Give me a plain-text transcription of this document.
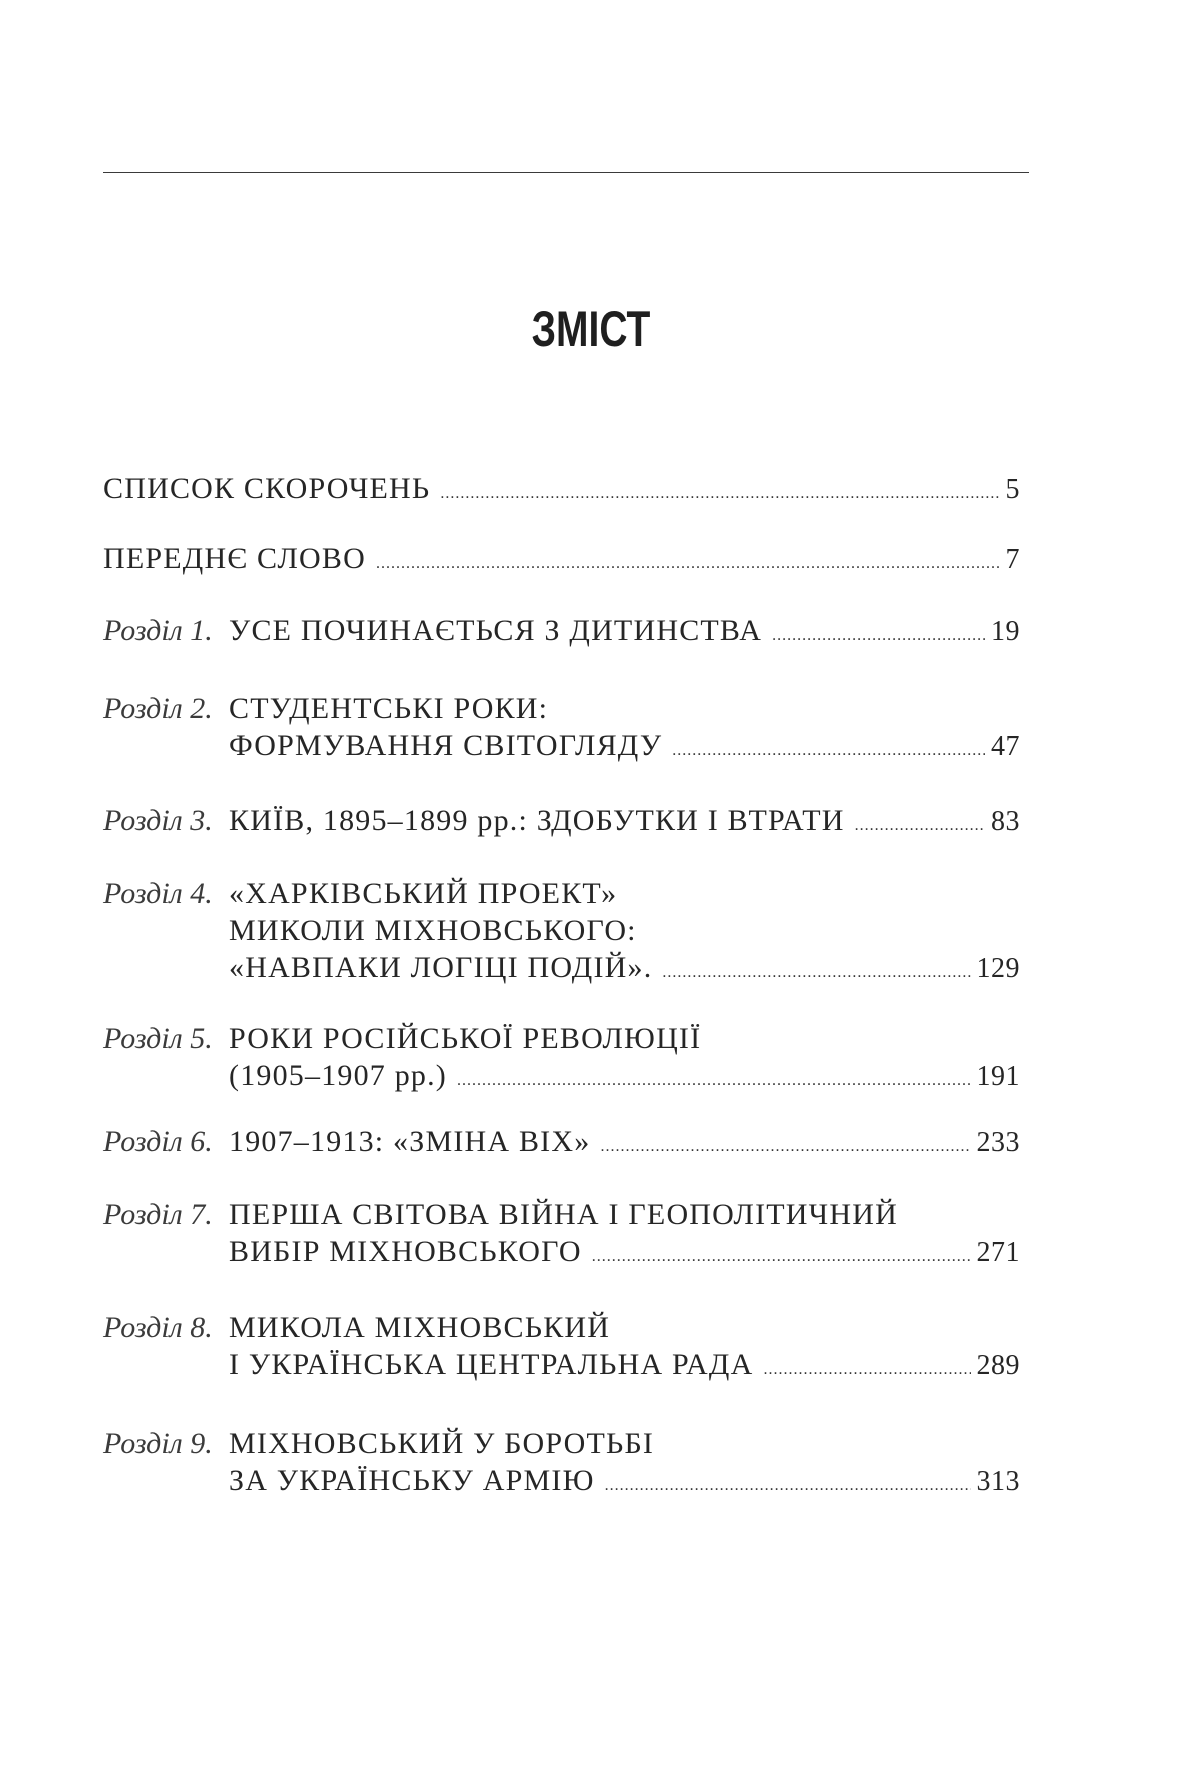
ЗМІСТ
СПИСОК СКОРОЧЕНЬ .....	5
ПЕРЕДНЄ СЛОВО .....	7
Розділ 1. УСЕ ПОЧИНАЄТЬСЯ З ДИТИНСТВА .....	19
Розділ 2. СТУДЕНТСЬКІ РОКИ:
ФОРМУВАННЯ СВІТОГЛЯДУ .....	47
Розділ 3. КИЇВ, 1895–1899 рр.: ЗДОБУТКИ І ВТРАТИ .....	83
Розділ 4. «ХАРКІВСЬКИЙ ПРОЕКТ»
МИКОЛИ МІХНОВСЬКОГО:
«НАВПАКИ ЛОГІЦІ ПОДІЙ». .....	129
Розділ 5. РОКИ РОСІЙСЬКОЇ РЕВОЛЮЦІЇ
(1905–1907 рр.) .....	191
Розділ 6. 1907–1913: «ЗМІНА ВІХ» .....	233
Розділ 7. ПЕРША СВІТОВА ВІЙНА І ГЕОПОЛІТИЧНИЙ
ВИБІР МІХНОВСЬКОГО .....	271
Розділ 8. МИКОЛА МІХНОВСЬКИЙ
І УКРАЇНСЬКА ЦЕНТРАЛЬНА РАДА .....	289
Розділ 9. МІХНОВСЬКИЙ У БОРОТЬБІ
ЗА УКРАЇНСЬКУ АРМІЮ .....	313
